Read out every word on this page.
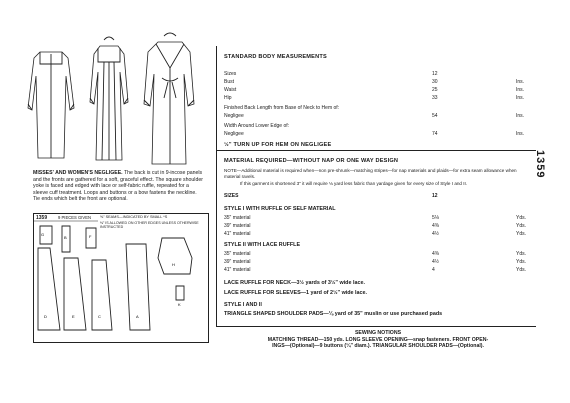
MISSES' AND WOMEN'S NEGLIGEE. The back is cut in 9-incose panels and the fronts are gathered for a soft, graceful effect. The square shoulder yoke is faced and edged with lace or self-fabric ruffle, repeated for a sleeve cuff treatment. Loops and buttons or a bow fastens the neckline. Tie ends which belt the front are optional.
1359	9 PIECES GIVEN ⅝" SEAMS—INDICATED BY SMALL *S
⅜" IS ALLOWED ON OTHER EDGES UNLESS OTHERWISE INSTRUCTED
G
B	F
D	E	C	A
H
K
STANDARD BODY MEASUREMENTS
Sizes	12
Bust	30	Ins.
Waist	25	Ins.
Hip	33	Ins.
Finished Back Length from Base of Neck to Hem of:
Negligee	54	Ins.
Width Around Lower Edge of:
Negligee	74	Ins.
½" TURN UP FOR HEM ON NEGLIGEE
MATERIAL REQUIRED—WITHOUT NAP OR ONE WAY DESIGN
NOTE—Additional material is required when—non pre-shrunk—matching stripes—for nap materials and plaids—for extra seam allowance when material ravels.
If this garment is shortened 3" it will require ⅛ yard less fabric than yardage given for every size of Style I and II.
SIZES	12
STYLE I WITH RUFFLE OF SELF MATERIAL
35" material	5⅛	Yds.
39" material	4⅜	Yds.
41" material	4½	Yds.
STYLE II WITH LACE RUFFLE
35" material	4⅜	Yds.
39" material	4½	Yds.
41" material	4	Yds.
LACE RUFFLE FOR NECK—3½ yards of 3½" wide lace.
LACE RUFFLE FOR SLEEVES—1 yard of 2½" wide lace.
STYLE I AND II
TRIANGLE SHAPED SHOULDER PADS—⅛ yard of 35" muslin or use purchased pads
SEWING NOTIONS
MATCHING THREAD—150 yds. LONG SLEEVE OPENING—snap fasteners. FRONT OPEN-
INGS—(Optional)—9 buttons (¼" diam.). TRIANGULAR SHOULDER PADS—(Optional).
1359
